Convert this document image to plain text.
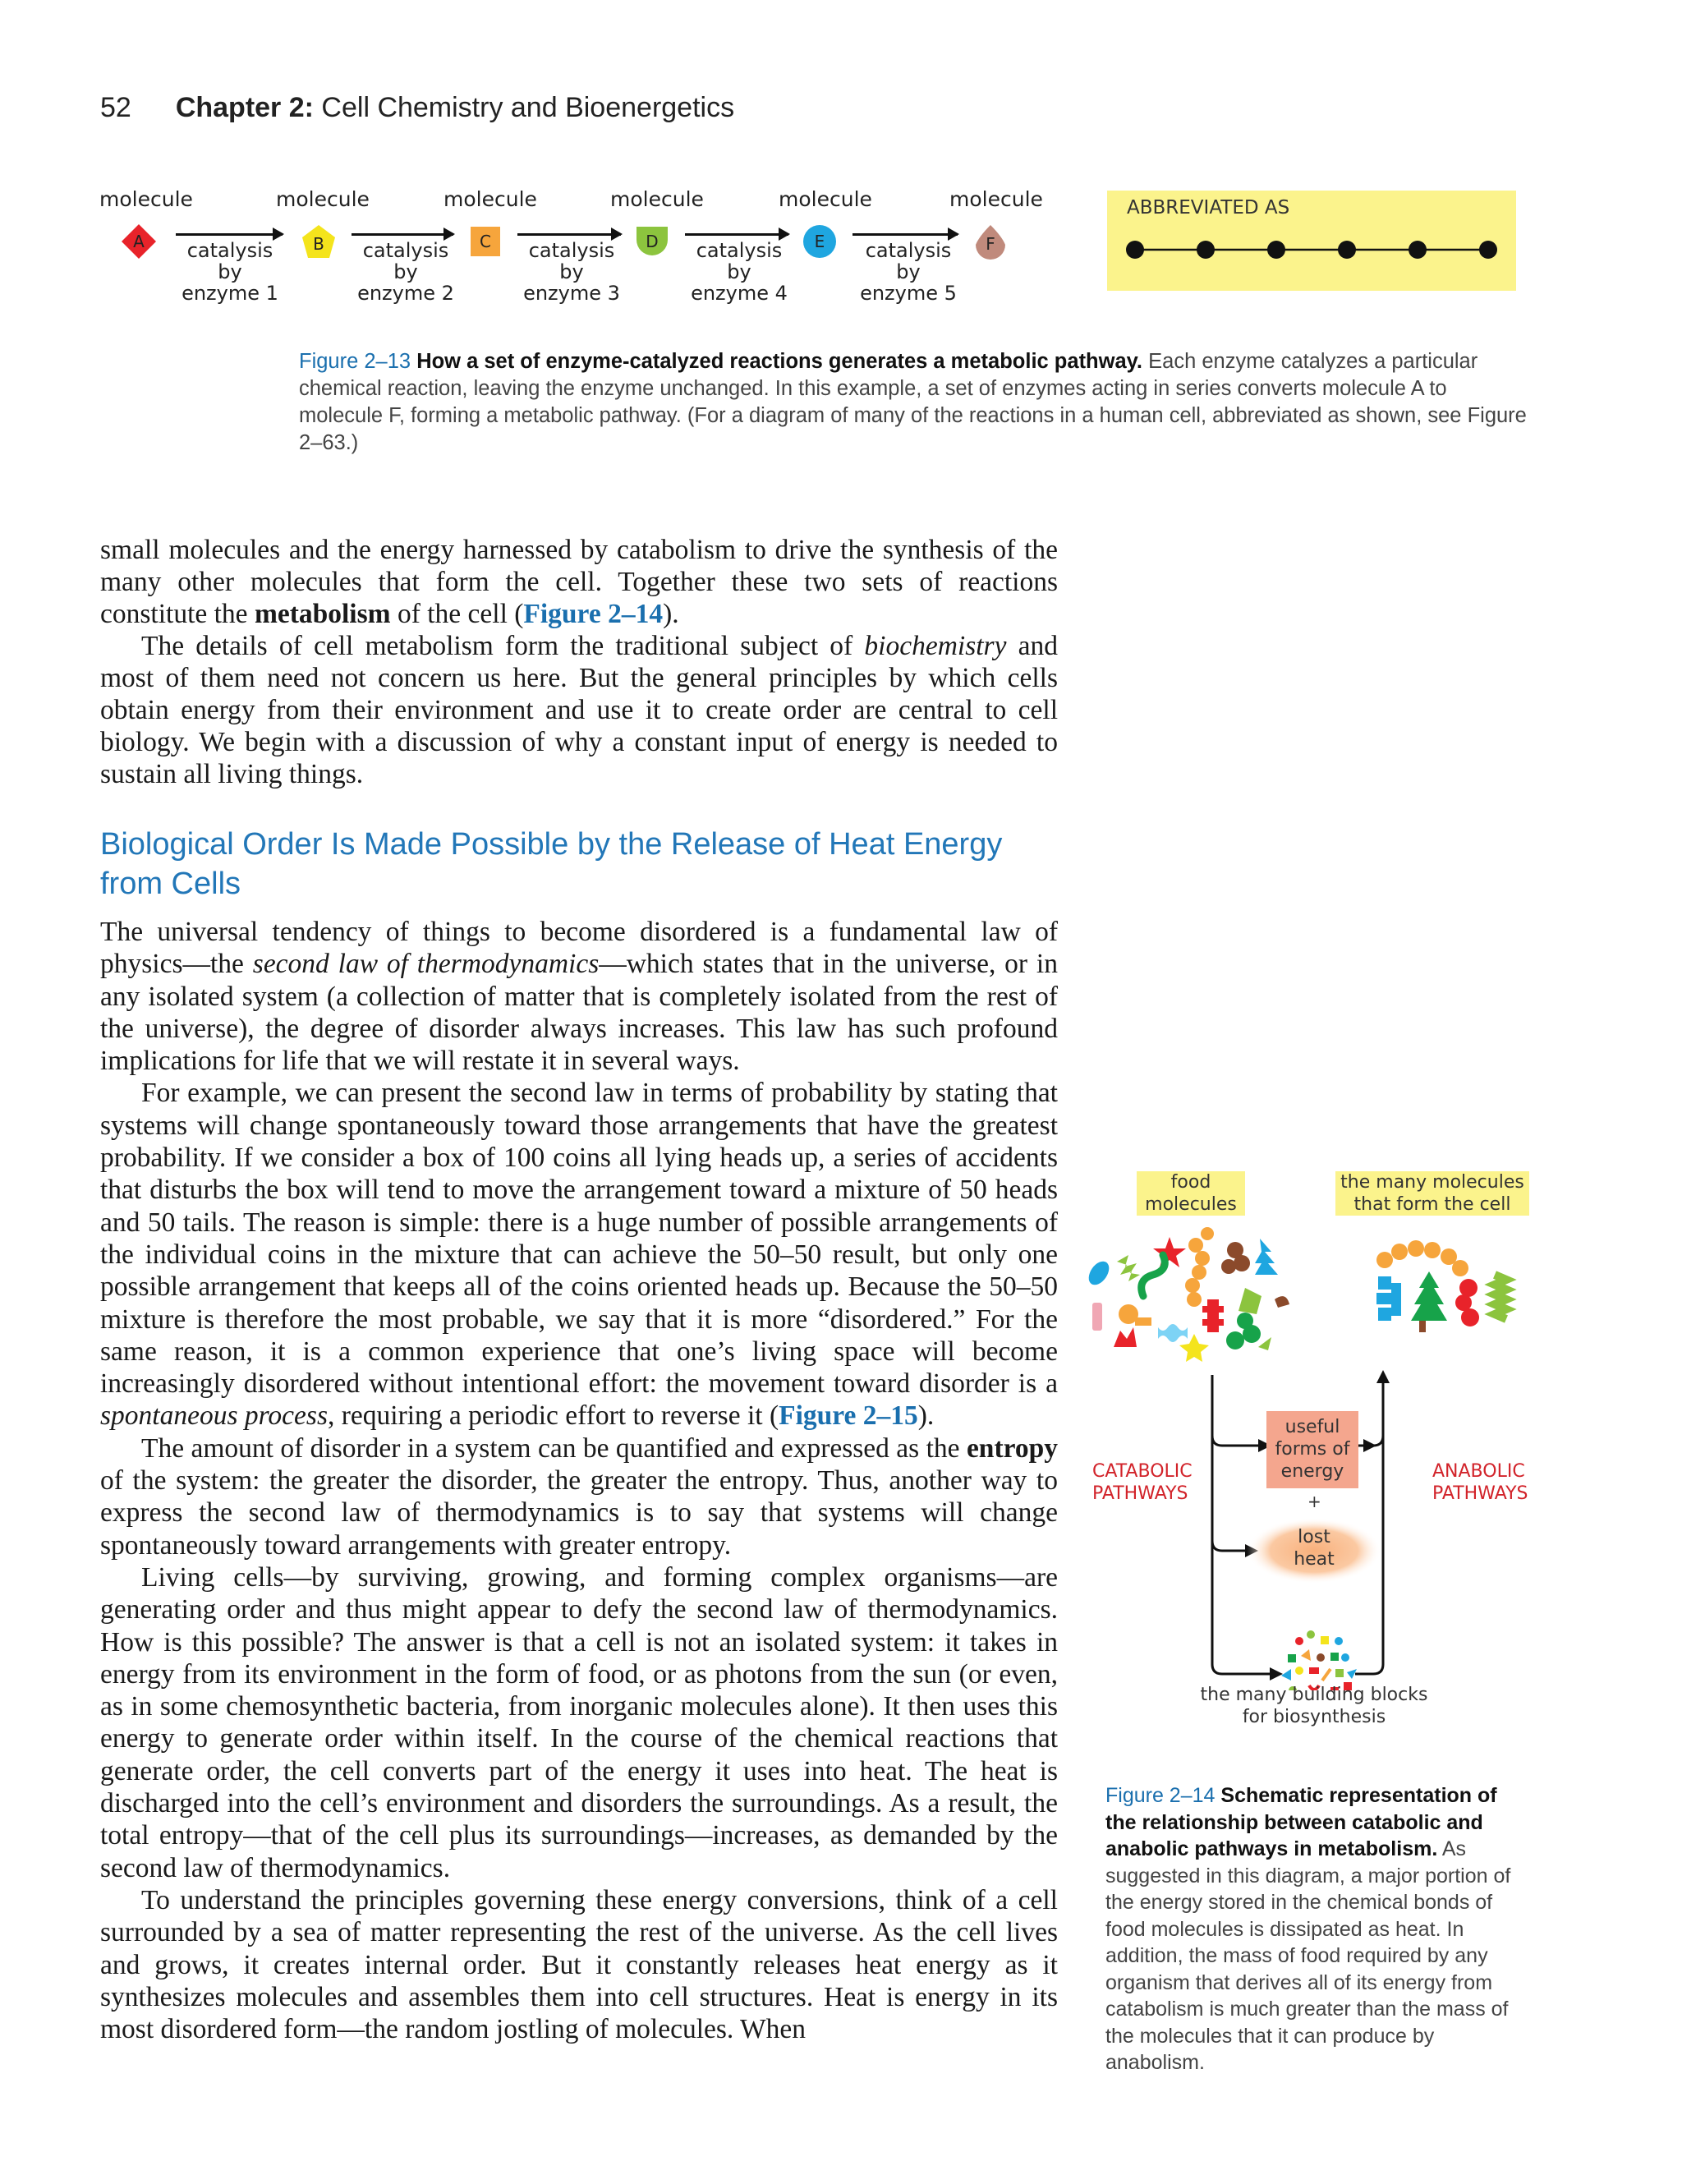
52 Chapter 2: Cell Chemistry and Bioenergetics
molecule	molecule	molecule	molecule	molecule	molecule
A	B	C	D	E	F
catalysis by
enzyme 1
catalysis by
enzyme 2
catalysis by
enzyme 3
catalysis by
enzyme 4
catalysis by
enzyme 5
ABBREVIATED AS
Figure 2–13 How a set of enzyme-catalyzed reactions generates a metabolic pathway. Each enzyme catalyzes a particular chemical reaction, leaving the enzyme unchanged. In this example, a set of enzymes acting in series converts molecule A to molecule F, forming a metabolic pathway. (For a diagram of many of the reactions in a human cell, abbreviated as shown, see Figure 2–63.)

small molecules and the energy harnessed by catabolism to drive the synthesis of the many other molecules that form the cell. Together these two sets of reactions constitute the metabolism of the cell (Figure 2–14).

The details of cell metabolism form the traditional subject of biochemistry and most of them need not concern us here. But the general principles by which cells obtain energy from their environment and use it to create order are central to cell biology. We begin with a discussion of why a constant input of energy is needed to sustain all living things.

Biological Order Is Made Possible by the Release of Heat Energy from Cells

The universal tendency of things to become disordered is a fundamental law of physics—the second law of thermodynamics—which states that in the universe, or in any isolated system (a collection of matter that is completely isolated from the rest of the universe), the degree of disorder always increases. This law has such profound implications for life that we will restate it in several ways.

For example, we can present the second law in terms of probability by stating that systems will change spontaneously toward those arrangements that have the greatest probability. If we consider a box of 100 coins all lying heads up, a series of accidents that disturbs the box will tend to move the arrangement toward a mixture of 50 heads and 50 tails. The reason is simple: there is a huge number of possible arrangements of the individual coins in the mixture that can achieve the 50–50 result, but only one possible arrangement that keeps all of the coins oriented heads up. Because the 50–50 mixture is therefore the most probable, we say that it is more “disordered.” For the same reason, it is a common experience that one’s living space will become increasingly disordered without intentional effort: the movement toward disorder is a spontaneous process, requiring a periodic effort to reverse it (Figure 2–15).

The amount of disorder in a system can be quantified and expressed as the entropy of the system: the greater the disorder, the greater the entropy. Thus, another way to express the second law of thermodynamics is to say that systems will change spontaneously toward arrangements with greater entropy.

Living cells—by surviving, growing, and forming complex organisms—are generating order and thus might appear to defy the second law of thermodynamics. How is this possible? The answer is that a cell is not an isolated system: it takes in energy from its environment in the form of food, or as photons from the sun (or even, as in some chemosynthetic bacteria, from inorganic molecules alone). It then uses this energy to generate order within itself. In the course of the chemical reactions that generate order, the cell converts part of the energy it uses into heat. The heat is discharged into the cell’s environment and disorders the surroundings. As a result, the total entropy—that of the cell plus its surroundings—increases, as demanded by the second law of thermodynamics.

To understand the principles governing these energy conversions, think of a cell surrounded by a sea of matter representing the rest of the universe. As the cell lives and grows, it creates internal order. But it constantly releases heat energy as it synthesizes molecules and assembles them into cell structures. Heat is energy in its most disordered form—the random jostling of molecules. When

food
molecules
the many molecules
that form the cell
CATABOLIC
PATHWAYS
ANABOLIC
PATHWAYS
useful
forms of
energy
+
lost
heat
the many building blocks
for biosynthesis
Figure 2–14 Schematic representation of the relationship between catabolic and anabolic pathways in metabolism. As suggested in this diagram, a major portion of the energy stored in the chemical bonds of food molecules is dissipated as heat. In addition, the mass of food required by any organism that derives all of its energy from catabolism is much greater than the mass of the molecules that it can produce by anabolism.
